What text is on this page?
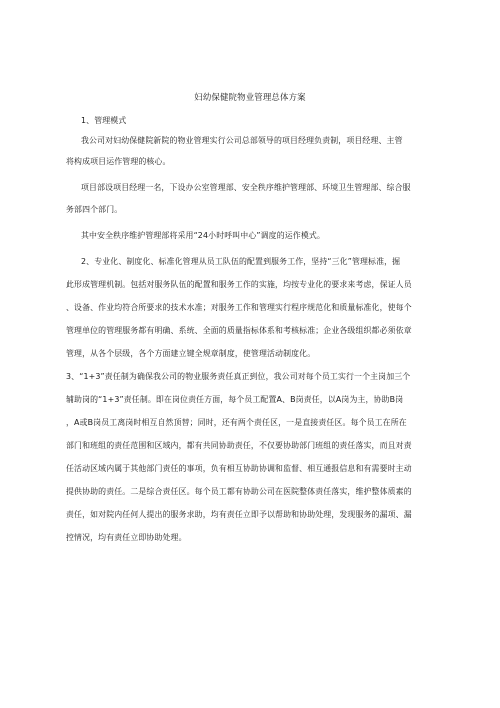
妇幼保健院物业管理总体方案
1、管理模式
我公司对妇幼保健院新院的物业管理实行公司总部领导的项目经理负责制，项目经理、主管
将构成项目运作管理的核心。
项目部设项目经理一名，下设办公室管理部、安全秩序维护管理部、环境卫生管理部、综合服
务部四个部门。
其中安全秩序维护管理部将采用“24小时呼叫中心”调度的运作模式。
2、专业化、制度化、标准化管理从员工队伍的配置到服务工作，坚持“三化”管理标准，掘
此形成管理机制。包括对服务队伍的配置和服务工作的实施，均按专业化的要求来考虑，保证人员
、设备、作业均符合所要求的技术水准；对服务工作和管理实行程序规范化和质量标准化，使每个
管理单位的管理服务都有明确、系统、全面的质量指标体系和考核标准；企业各级组织都必须依章
管理，从各个层级，各个方面建立键全规章制度，使管理活动制度化。
3、“1+3”责任制为确保我公司的物业服务责任真正到位，我公司对每个员工实行一个主岗加三个
辅助岗的“1+3”责任制。即在岗位责任方面，每个员工配置A、B岗责任，以A岗为主，协助B岗
，A或B岗员工离岗时相互自然顶替；同时，还有两个责任区，一是直接责任区。每个员工在所在
部门和班组的责任范围和区域内，都有共同协助责任，不仅要协助部门班组的责任落实，而且对责
任活动区域内属于其他部门责任的事项，负有相互协助协调和监督、相互通报信息和有需要时主动
提供协助的责任。二是综合责任区。每个员工都有协助公司在医院整体责任落实，维护整体质素的
责任，如对院内任何人提出的服务求助，均有责任立即予以帮助和协助处理，发现服务的漏项、漏
控情况，均有责任立即协助处理。
